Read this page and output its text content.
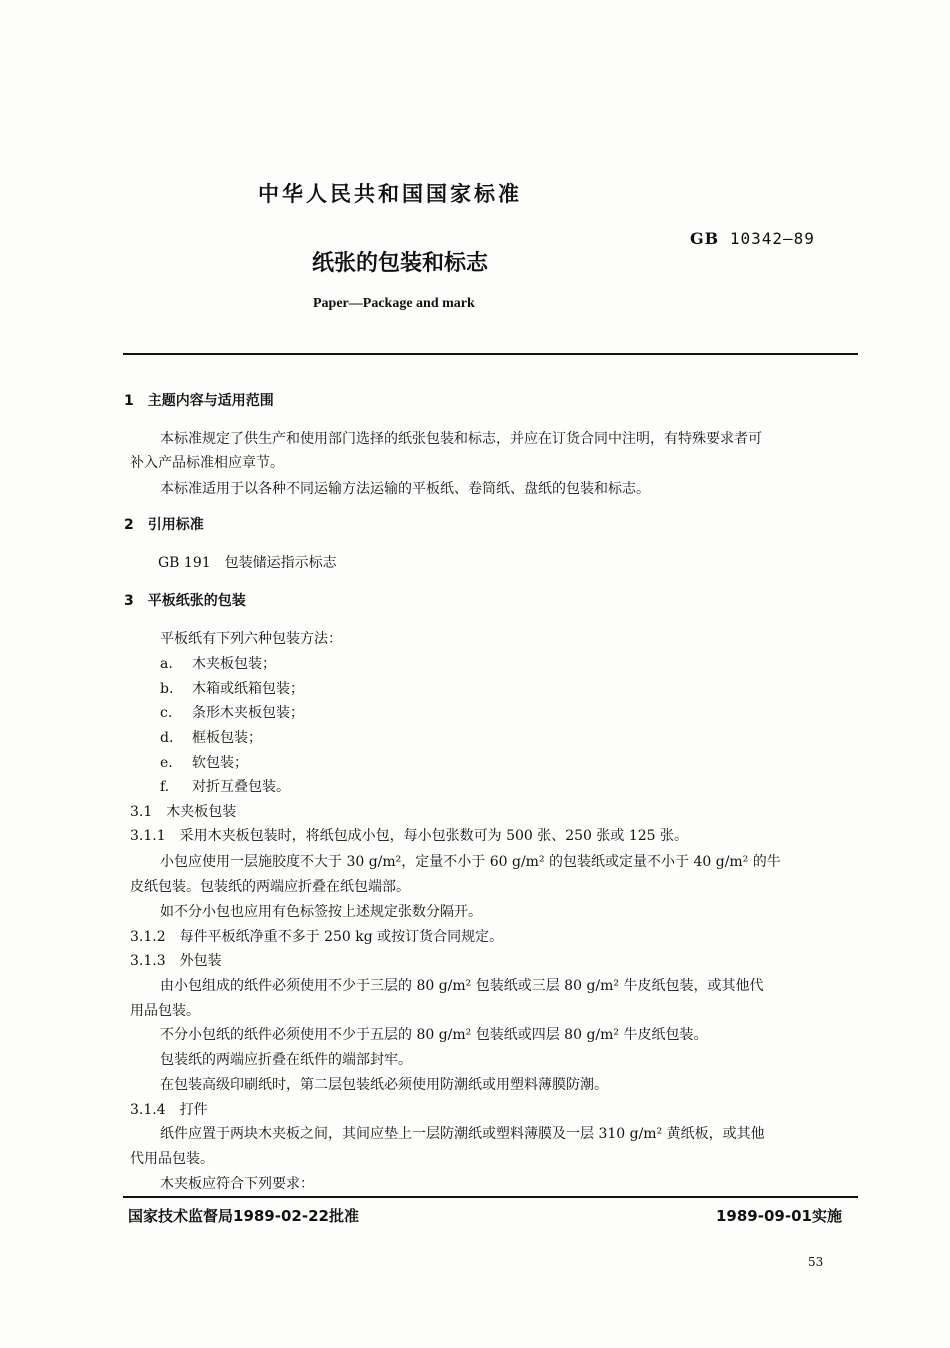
中华人民共和国国家标准
GB 10342—89
纸张的包装和标志
Paper—Package and mark
1　主题内容与适用范围
本标准规定了供生产和使用部门选择的纸张包装和标志，并应在订货合同中注明，有特殊要求者可
补入产品标准相应章节。
本标准适用于以各种不同运输方法运输的平板纸、卷筒纸、盘纸的包装和标志。
2　引用标准
GB 191　包装储运指示标志
3　平板纸张的包装
平板纸有下列六种包装方法：
a. 木夹板包装；
b. 木箱或纸箱包装；
c. 条形木夹板包装；
d. 框板包装；
e. 软包装；
f. 对折互叠包装。
3.1　木夹板包装
3.1.1　采用木夹板包装时，将纸包成小包，每小包张数可为 500 张、250 张或 125 张。
小包应使用一层施胶度不大于 30 g/m²，定量不小于 60 g/m² 的包装纸或定量不小于 40 g/m² 的牛
皮纸包装。包装纸的两端应折叠在纸包端部。
如不分小包也应用有色标签按上述规定张数分隔开。
3.1.2　每件平板纸净重不多于 250 kg 或按订货合同规定。
3.1.3　外包装
由小包组成的纸件必须使用不少于三层的 80 g/m² 包装纸或三层 80 g/m² 牛皮纸包装，或其他代
用品包装。
不分小包纸的纸件必须使用不少于五层的 80 g/m² 包装纸或四层 80 g/m² 牛皮纸包装。
包装纸的两端应折叠在纸件的端部封牢。
在包装高级印刷纸时，第二层包装纸必须使用防潮纸或用塑料薄膜防潮。
3.1.4　打件
纸件应置于两块木夹板之间，其间应垫上一层防潮纸或塑料薄膜及一层 310 g/m² 黄纸板，或其他
代用品包装。
木夹板应符合下列要求：
国家技术监督局1989-02-22批准	1989-09-01实施
53
